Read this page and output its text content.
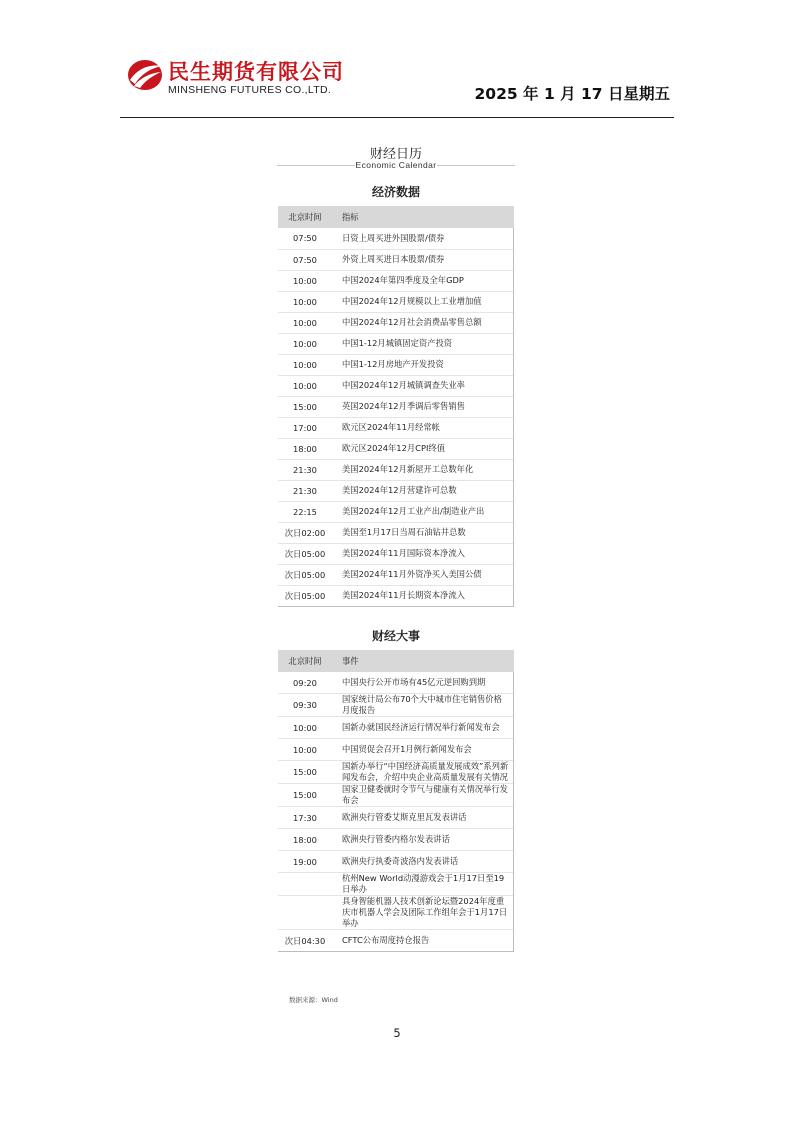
民生期货有限公司
MINSHENG FUTURES CO.,LTD.	2025 年 1 月 17 日星期五
财经日历
Economic Calendar
经济数据
北京时间	指标
07:50	日资上周买进外国股票/债券
07:50	外资上周买进日本股票/债券
10:00	中国2024年第四季度及全年GDP
10:00	中国2024年12月规模以上工业增加值
10:00	中国2024年12月社会消费品零售总额
10:00	中国1-12月城镇固定资产投资
10:00	中国1-12月房地产开发投资
10:00	中国2024年12月城镇调查失业率
15:00	英国2024年12月季调后零售销售
17:00	欧元区2024年11月经常帐
18:00	欧元区2024年12月CPI终值
21:30	美国2024年12月新屋开工总数年化
21:30	美国2024年12月营建许可总数
22:15	美国2024年12月工业产出/制造业产出
次日02:00	美国至1月17日当周石油钻井总数
次日05:00	美国2024年11月国际资本净流入
次日05:00	美国2024年11月外资净买入美国公债
次日05:00	美国2024年11月长期资本净流入
财经大事
北京时间	事件
09:20	中国央行公开市场有45亿元逆回购到期
09:30	国家统计局公布70个大中城市住宅销售价格月度报告
10:00	国新办就国民经济运行情况举行新闻发布会
10:00	中国贸促会召开1月例行新闻发布会
15:00	国新办举行“中国经济高质量发展成效”系列新闻发布会，介绍中央企业高质量发展有关情况
15:00	国家卫健委就时令节气与健康有关情况举行发布会
17:30	欧洲央行管委艾斯克里瓦发表讲话
18:00	欧洲央行管委内格尔发表讲话
19:00	欧洲央行执委奇波洛内发表讲话
	杭州New World动漫游戏会于1月17日至19日举办
	具身智能机器人技术创新论坛暨2024年度重庆市机器人学会及团际工作组年会于1月17日举办
次日04:30	CFTC公布周度持仓报告
数据来源：Wind
5
